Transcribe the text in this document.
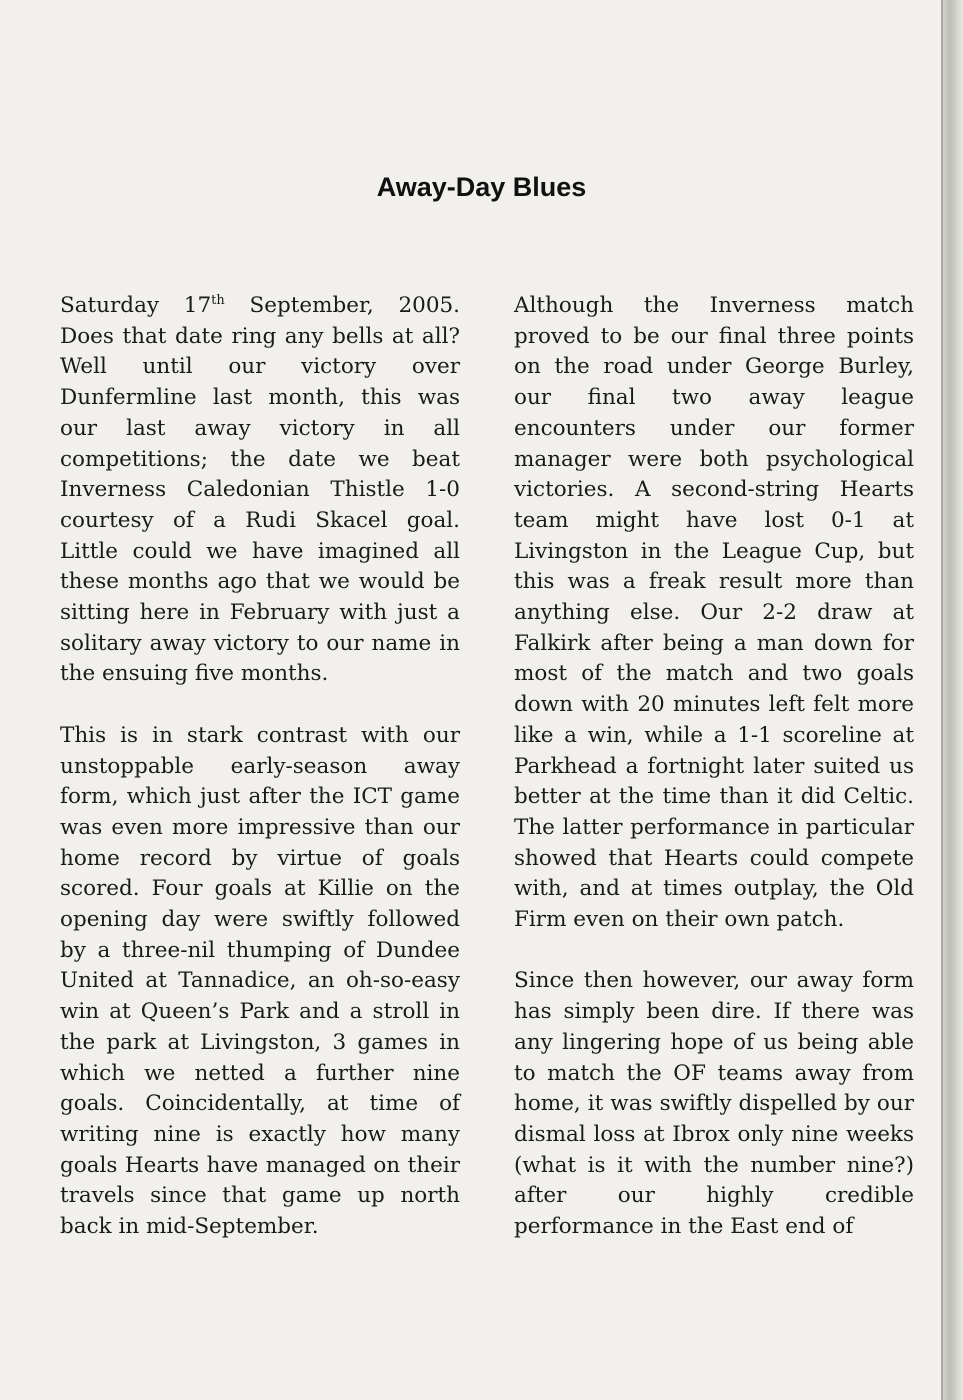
Away-Day Blues

Saturday 17th September, 2005. Does that date ring any bells at all? Well until our victory over Dunfermline last month, this was our last away victory in all competitions; the date we beat Inverness Caledonian Thistle 1-0 courtesy of a Rudi Skacel goal. Little could we have imagined all these months ago that we would be sitting here in February with just a solitary away victory to our name in the ensuing five months.

This is in stark contrast with our unstoppable early-season away form, which just after the ICT game was even more impressive than our home record by virtue of goals scored. Four goals at Killie on the opening day were swiftly followed by a three-nil thumping of Dundee United at Tannadice, an oh-so-easy win at Queen’s Park and a stroll in the park at Livingston, 3 games in which we netted a further nine goals. Coincidentally, at time of writing nine is exactly how many goals Hearts have managed on their travels since that game up north back in mid-September.

Although the Inverness match proved to be our final three points on the road under George Burley, our final two away league encounters under our former manager were both psychological victories. A second-string Hearts team might have lost 0-1 at Livingston in the League Cup, but this was a freak result more than anything else. Our 2-2 draw at Falkirk after being a man down for most of the match and two goals down with 20 minutes left felt more like a win, while a 1-1 scoreline at Parkhead a fortnight later suited us better at the time than it did Celtic. The latter performance in particular showed that Hearts could compete with, and at times outplay, the Old Firm even on their own patch.

Since then however, our away form has simply been dire. If there was any lingering hope of us being able to match the OF teams away from home, it was swiftly dispelled by our dismal loss at Ibrox only nine weeks (what is it with the number nine?) after our highly credible performance in the East end of
